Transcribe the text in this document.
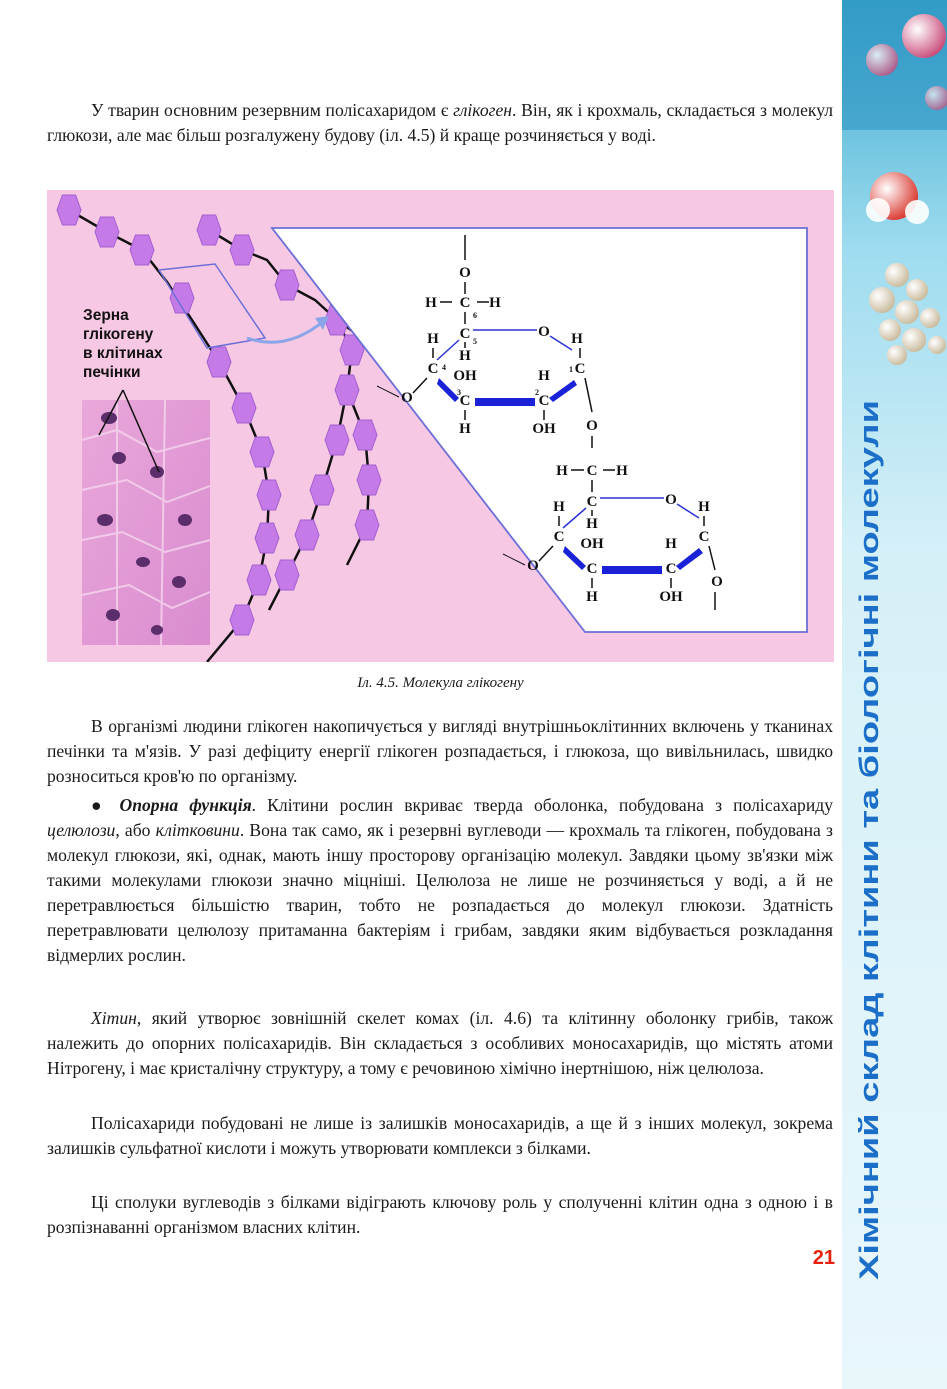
У тварин основним резервним полісахаридом є глікоген. Він, як і крохмаль, складається з молекул глюкози, але має більш розгалужену будову (іл. 4.5) й краще розчиняється у воді.

Зерна
глікогену
в клітинах
печінки
O
H C
6
H
C 5
H
O H
C
1
H
C 4
O
OH
C
3
H
H
C
2
OH O
H C H
C
H
O H
C
H
C
O
OH
C
H
H
C
OH
O
Іл. 4.5. Молекула глікогену

В організмі людини глікоген накопичується у вигляді внутрішньоклітинних включень у тканинах печінки та м'язів. У разі дефіциту енергії глікоген розпадається, і глюкоза, що вивільнилась, швидко розноситься кров'ю по організму.

● Опорна функція. Клітини рослин вкриває тверда оболонка, побудована з полісахариду целюлози, або клітковини. Вона так само, як і резервні вуглеводи — крохмаль та глікоген, побудована з молекул глюкози, які, однак, мають іншу просторову організацію молекул. Завдяки цьому зв'язки між такими молекулами глюкози значно міцніші. Целюлоза не лише не розчиняється у воді, а й не перетравлюється більшістю тварин, тобто не розпадається до молекул глюкози. Здатність перетравлювати целюлозу притаманна бактеріям і грибам, завдяки яким відбувається розкладання відмерлих рослин.

Хітин, який утворює зовнішній скелет комах (іл. 4.6) та клітинну оболонку грибів, також належить до опорних полісахаридів. Він складається з особливих моносахаридів, що містять атоми Нітрогену, і має кристалічну структуру, а тому є речовиною хімічно інертнішою, ніж целюлоза.

Полісахариди побудовані не лише із залишків моносахаридів, а ще й з інших молекул, зокрема залишків сульфатної кислоти і можуть утворювати комплекси з білками.

Ці сполуки вуглеводів з білками відіграють ключову роль у сполученні клітин одна з одною і в розпізнаванні організмом власних клітин.	Хімічний склад клітини та біологічні молекули
21
